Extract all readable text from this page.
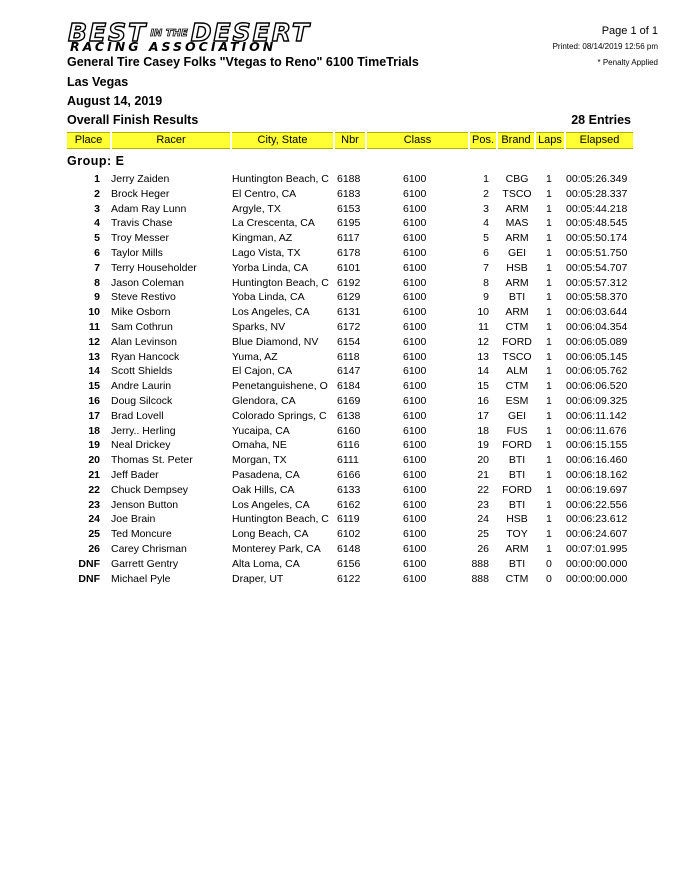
BEST IN THE DESERT
RACING ASSOCIATION
Page 1 of 1
Printed: 08/14/2019 12:56 pm
* Penalty Applied
General Tire Casey Folks "Vtegas to Reno" 6100 TimeTrials
Las Vegas
August 14, 2019
Overall Finish Results	28 Entries
Place	Racer	City, State	Nbr	Class	Pos. Brand Laps	Elapsed
Group: E
1 Jerry Zaiden	Huntington Beach, C 6188	6100	1	CBG	1 00:05:26.349
2 Brock Heger	El Centro, CA	6183	6100	2	TSCO	1 00:05:28.337
3 Adam Ray Lunn	Argyle, TX	6153	6100	3	ARM	1 00:05:44.218
4 Travis Chase	La Crescenta, CA	6195	6100	4	MAS	1 00:05:48.545
5 Troy Messer	Kingman, AZ	6117	6100	5	ARM	1 00:05:50.174
6 Taylor Mills	Lago Vista, TX	6178	6100	6	GEI	1 00:05:51.750
7 Terry Householder	Yorba Linda, CA	6101	6100	7	HSB	1 00:05:54.707
8 Jason Coleman	Huntington Beach, C 6192	6100	8	ARM	1 00:05:57.312
9 Steve Restivo	Yoba Linda, CA	6129	6100	9	BTI	1 00:05:58.370
10 Mike Osborn	Los Angeles, CA	6131	6100	10	ARM	1 00:06:03.644
11 Sam Cothrun	Sparks, NV	6172	6100	11	CTM	1 00:06:04.354
12 Alan Levinson	Blue Diamond, NV	6154	6100	12 FORD 1 00:06:05.089
13 Ryan Hancock	Yuma, AZ	6118	6100	13	TSCO	1 00:06:05.145
14 Scott Shields	El Cajon, CA	6147	6100	14	ALM	1 00:06:05.762
15 Andre Laurin	Penetanguishene, O 6184	6100	15	CTM	1 00:06:06.520
16 Doug Silcock	Glendora, CA	6169	6100	16	ESM	1 00:06:09.325
17 Brad Lovell	Colorado Springs, C 6138	6100	17	GEI	1 00:06:11.142
18 Jerry.. Herling	Yucaipa, CA	6160	6100	18	FUS	1 00:06:11.676
19 Neal Drickey	Omaha, NE	6116	6100	19 FORD 1 00:06:15.155
20 Thomas St. Peter	Morgan, TX	6111	6100	20	BTI	1 00:06:16.460
21 Jeff Bader	Pasadena, CA	6166	6100	21	BTI	1 00:06:18.162
22 Chuck Dempsey	Oak Hills, CA	6133	6100	22 FORD 1 00:06:19.697
23 Jenson Button	Los Angeles, CA	6162	6100	23	BTI	1 00:06:22.556
24 Joe Brain	Huntington Beach, C 6119	6100	24	HSB	1 00:06:23.612
25 Ted Moncure	Long Beach, CA	6102	6100	25	TOY	1 00:06:24.607
26 Carey Chrisman	Monterey Park, CA	6148	6100	26	ARM	1 00:07:01.995
DNF Garrett Gentry	Alta Loma, CA	6156	6100	888	BTI	0 00:00:00.000
DNF Michael Pyle	Draper, UT	6122	6100	888	CTM	0 00:00:00.000
